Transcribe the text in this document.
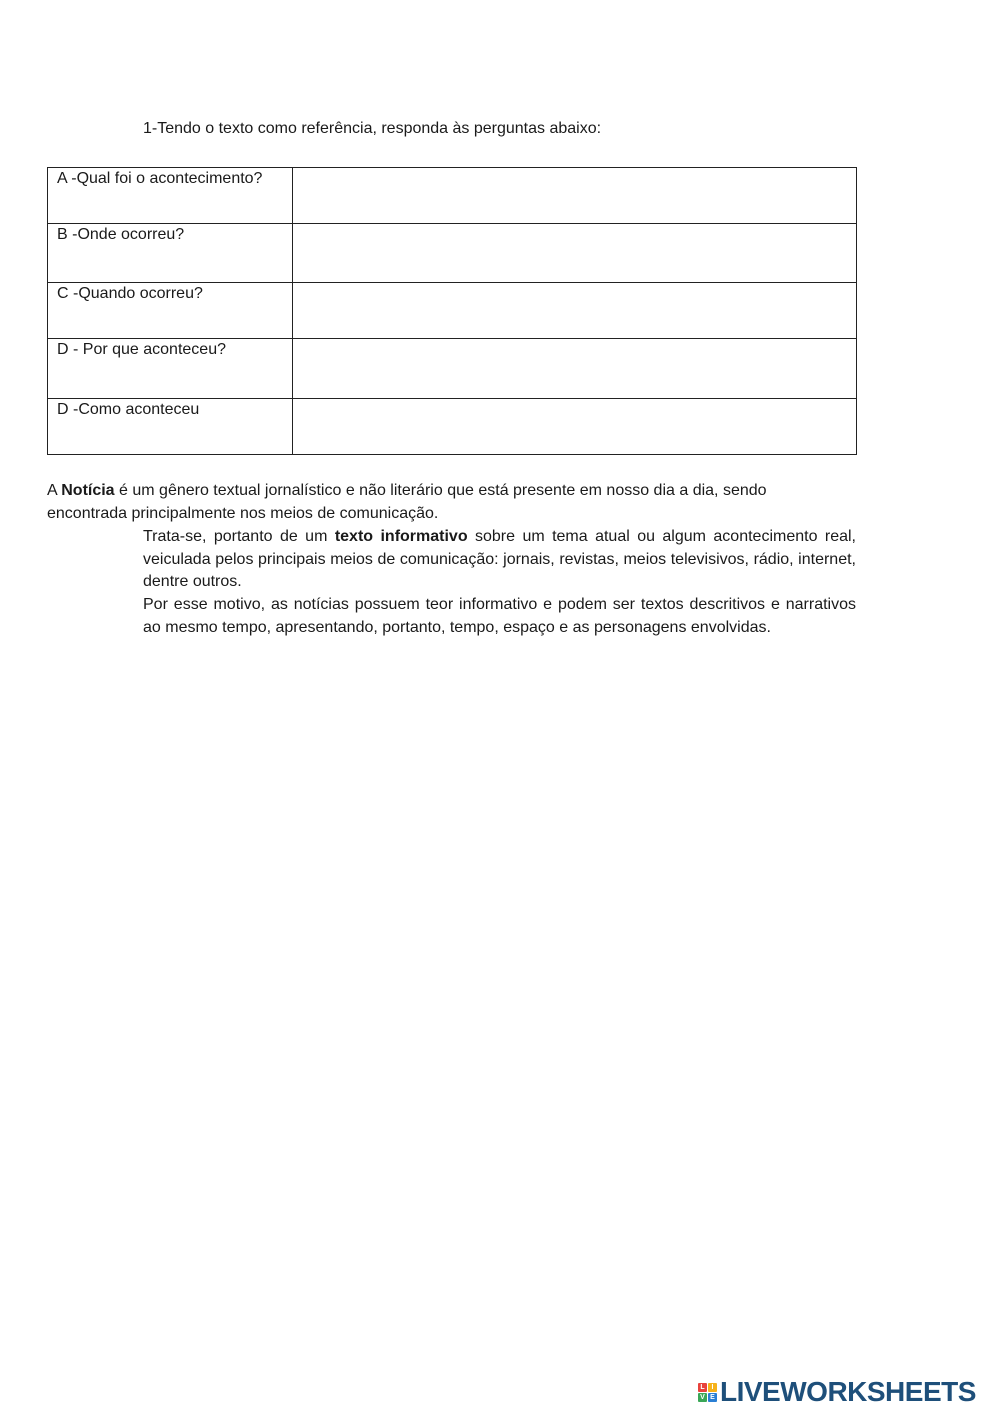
1-Tendo o texto como referência, responda às perguntas abaixo:

A -Qual foi o acontecimento?	
B -Onde ocorreu?	
C -Quando ocorreu?	
D - Por que aconteceu?	
D -Como aconteceu	

A Notícia é um gênero textual jornalístico e não literário que está presente em nosso dia a dia, sendo encontrada principalmente nos meios de comunicação.

Trata-se, portanto de um texto informativo sobre um tema atual ou algum acontecimento real, veiculada pelos principais meios de comunicação: jornais, revistas, meios televisivos, rádio, internet, dentre outros.

Por esse motivo, as notícias possuem teor informativo e podem ser textos descritivos e narrativos ao mesmo tempo, apresentando, portanto, tempo, espaço e as personagens envolvidas.

L I
V E LIVEWORKSHEETS
